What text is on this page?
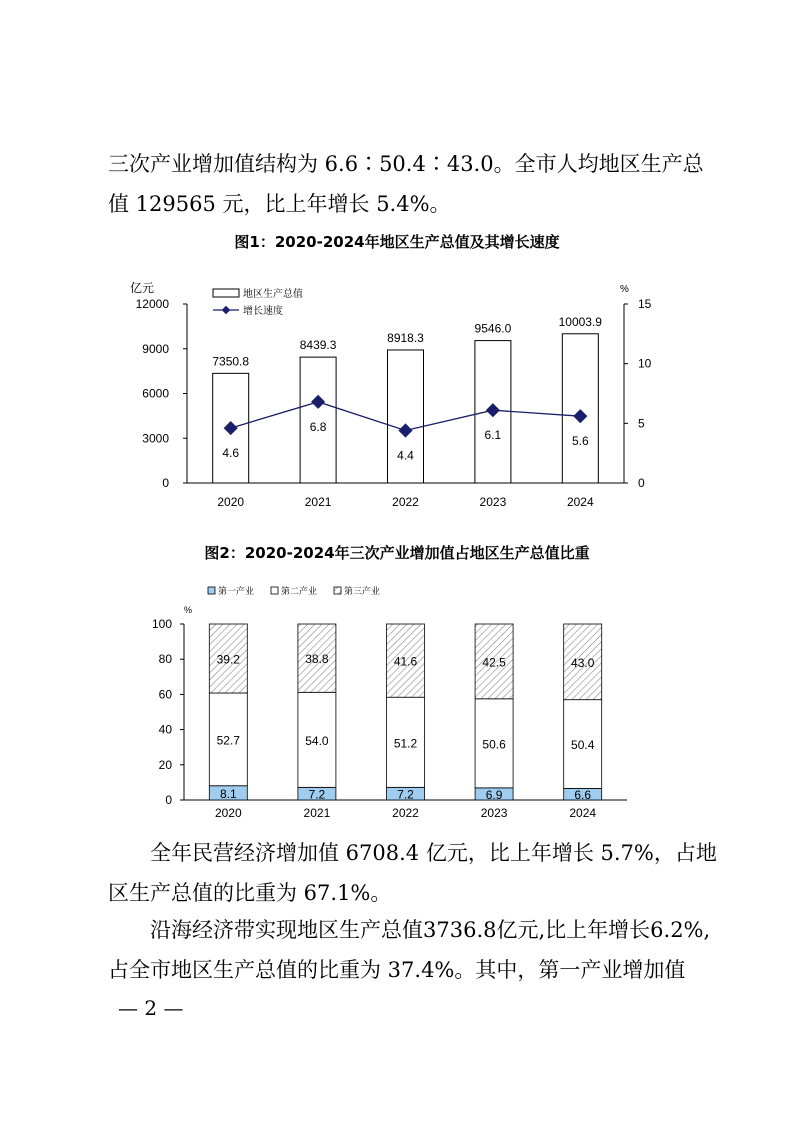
三次产业增加值结构为 6.6∶50.4∶43.0。全市人均地区生产总
值 129565 元，比上年增长 5.4%。
图1：2020-2024年地区生产总值及其增长速度
0
3000
6000
9000
12000
0
5
10
15
亿元	%
地区生产总值
增长速度
2020
7350.8
2021
8439.3
2022
8918.3
2023
9546.0
2024
10003.9
4.6
6.8
4.4
6.1	5.6
图2：2020-2024年三次产业增加值占地区生产总值比重
0
20
40
60
80
100
%
第一产业	第二产业	第三产业
2020
8.1
52.7
39.2
2021
7.2
54.0
38.8
2022
7.2
51.2
41.6
2023
6.9
50.6
42.5
2024
6.6
50.4
43.0
全年民营经济增加值 6708.4 亿元，比上年增长 5.7%，占地
区生产总值的比重为 67.1%。
沿海经济带实现地区生产总值3736.8亿元,比上年增长6.2%,
占全市地区生产总值的比重为 37.4%。其中，第一产业增加值
— 2 —
